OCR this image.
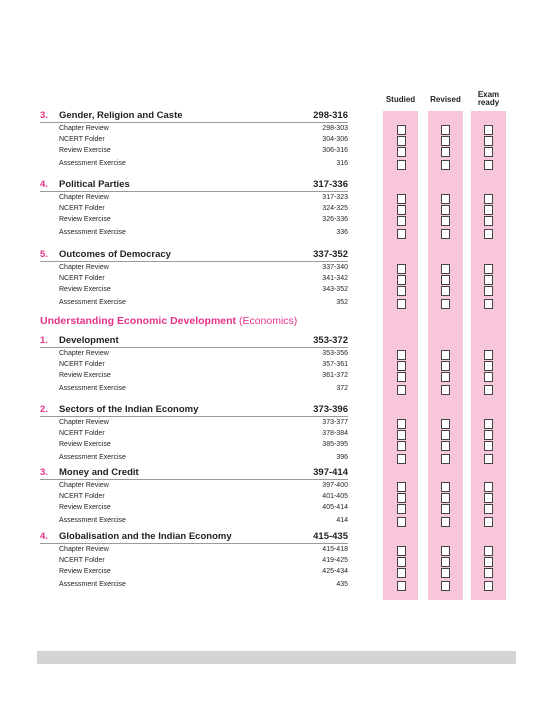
Studied	Revised
Exam
ready
3.	Gender, Religion and Caste	298-316
Chapter Review	298-303
NCERT Folder	304-306
Review Exercise	306-316
Assessment Exercise	316
4.	Political Parties	317-336
Chapter Review	317-323
NCERT Folder	324-325
Review Exercise	326-336
Assessment Exercise	336
5.	Outcomes of Democracy	337-352
Chapter Review	337-340
NCERT Folder	341-342
Review Exercise	343-352
Assessment Exercise	352
Understanding Economic Development (Economics)
1.	Development	353-372
Chapter Review	353-356
NCERT Folder	357-361
Review Exercise	361-372
Assessment Exercise	372
2.	Sectors of the Indian Economy	373-396
Chapter Review	373-377
NCERT Folder	378-384
Review Exercise	385-395
Assessment Exercise	396
3.	Money and Credit	397-414
Chapter Review	397-400
NCERT Folder	401-405
Review Exercise	405-414
Assessment Exercise	414
4.	Globalisation and the Indian Economy	415-435
Chapter Review	415-418
NCERT Folder	419-425
Review Exercise	425-434
Assessment Exercise	435
